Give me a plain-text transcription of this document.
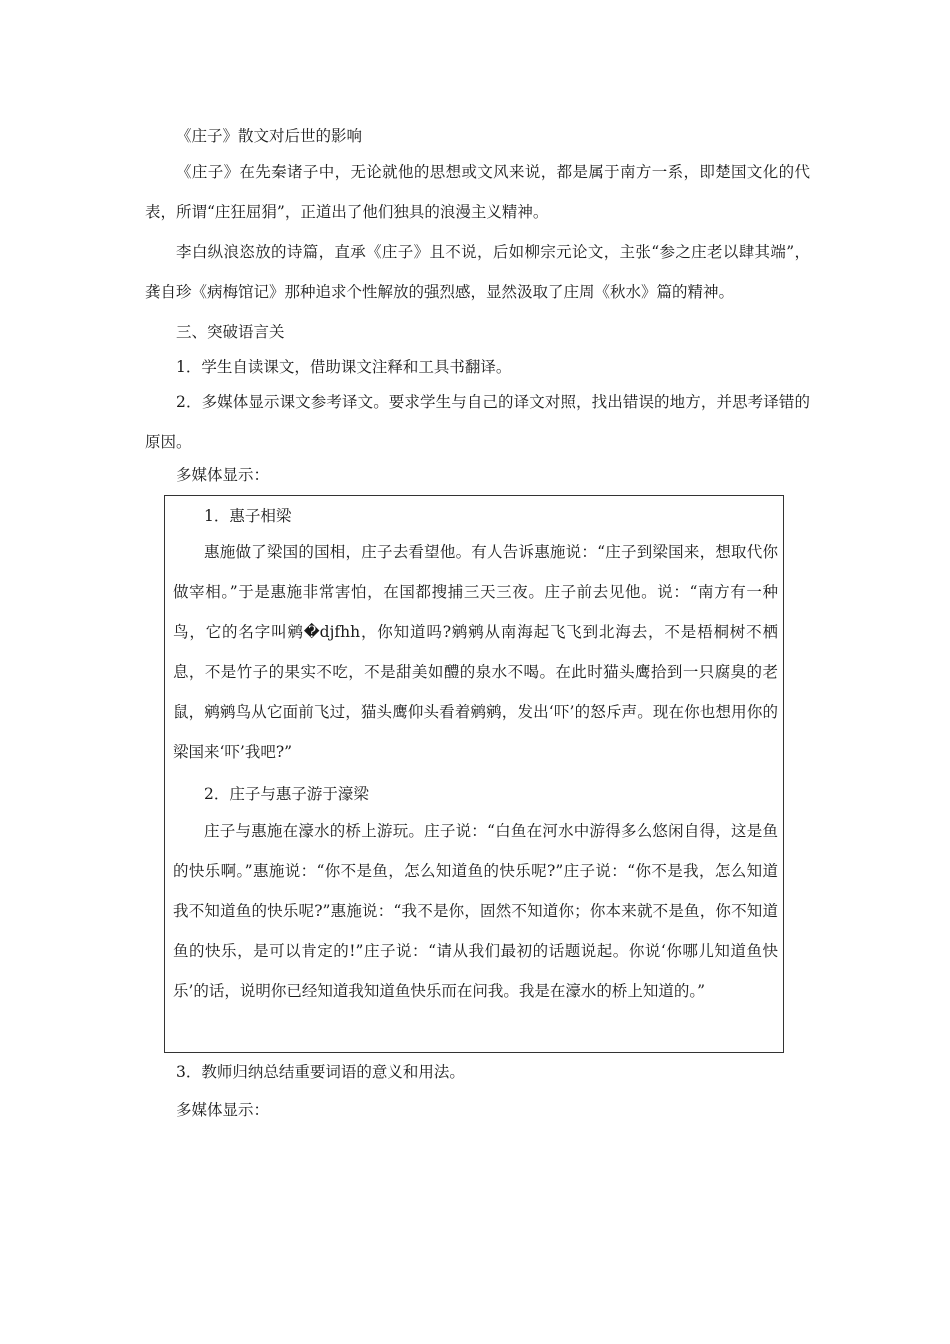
《庄子》散文对后世的影响

《庄子》在先秦诸子中，无论就他的思想或文风来说，都是属于南方一系，即楚国文化的代表，所谓“庄狂屈狷”，正道出了他们独具的浪漫主义精神。

李白纵浪恣放的诗篇，直承《庄子》且不说，后如柳宗元论文，主张“参之庄老以肆其端”，龚自珍《病梅馆记》那种追求个性解放的强烈感，显然汲取了庄周《秋水》篇的精神。

三、突破语言关

1．学生自读课文，借助课文注释和工具书翻译。

2．多媒体显示课文参考译文。要求学生与自己的译文对照，找出错误的地方，并思考译错的原因。

多媒体显示：

1．惠子相梁

惠施做了梁国的国相，庄子去看望他。有人告诉惠施说：“庄子到梁国来，想取代你做宰相。”于是惠施非常害怕，在国都搜捕三天三夜。庄子前去见他。说：“南方有一种鸟，它的名字叫鹓�djfhh，你知道吗?鹓鹓从南海起飞飞到北海去，不是梧桐树不栖息，不是竹子的果实不吃，不是甜美如醴的泉水不喝。在此时猫头鹰拾到一只腐臭的老鼠，鹓鹓鸟从它面前飞过，猫头鹰仰头看着鹓鹓，发出‘吓’的怒斥声。现在你也想用你的梁国来‘吓’我吧?”

2．庄子与惠子游于濠梁

庄子与惠施在濠水的桥上游玩。庄子说：“白鱼在河水中游得多么悠闲自得，这是鱼的快乐啊。”惠施说：“你不是鱼，怎么知道鱼的快乐呢?”庄子说：“你不是我，怎么知道我不知道鱼的快乐呢?”惠施说：“我不是你，固然不知道你；你本来就不是鱼，你不知道鱼的快乐，是可以肯定的!”庄子说：“请从我们最初的话题说起。你说‘你哪儿知道鱼快乐’的话，说明你已经知道我知道鱼快乐而在问我。我是在濠水的桥上知道的。”

3．教师归纳总结重要词语的意义和用法。

多媒体显示：
